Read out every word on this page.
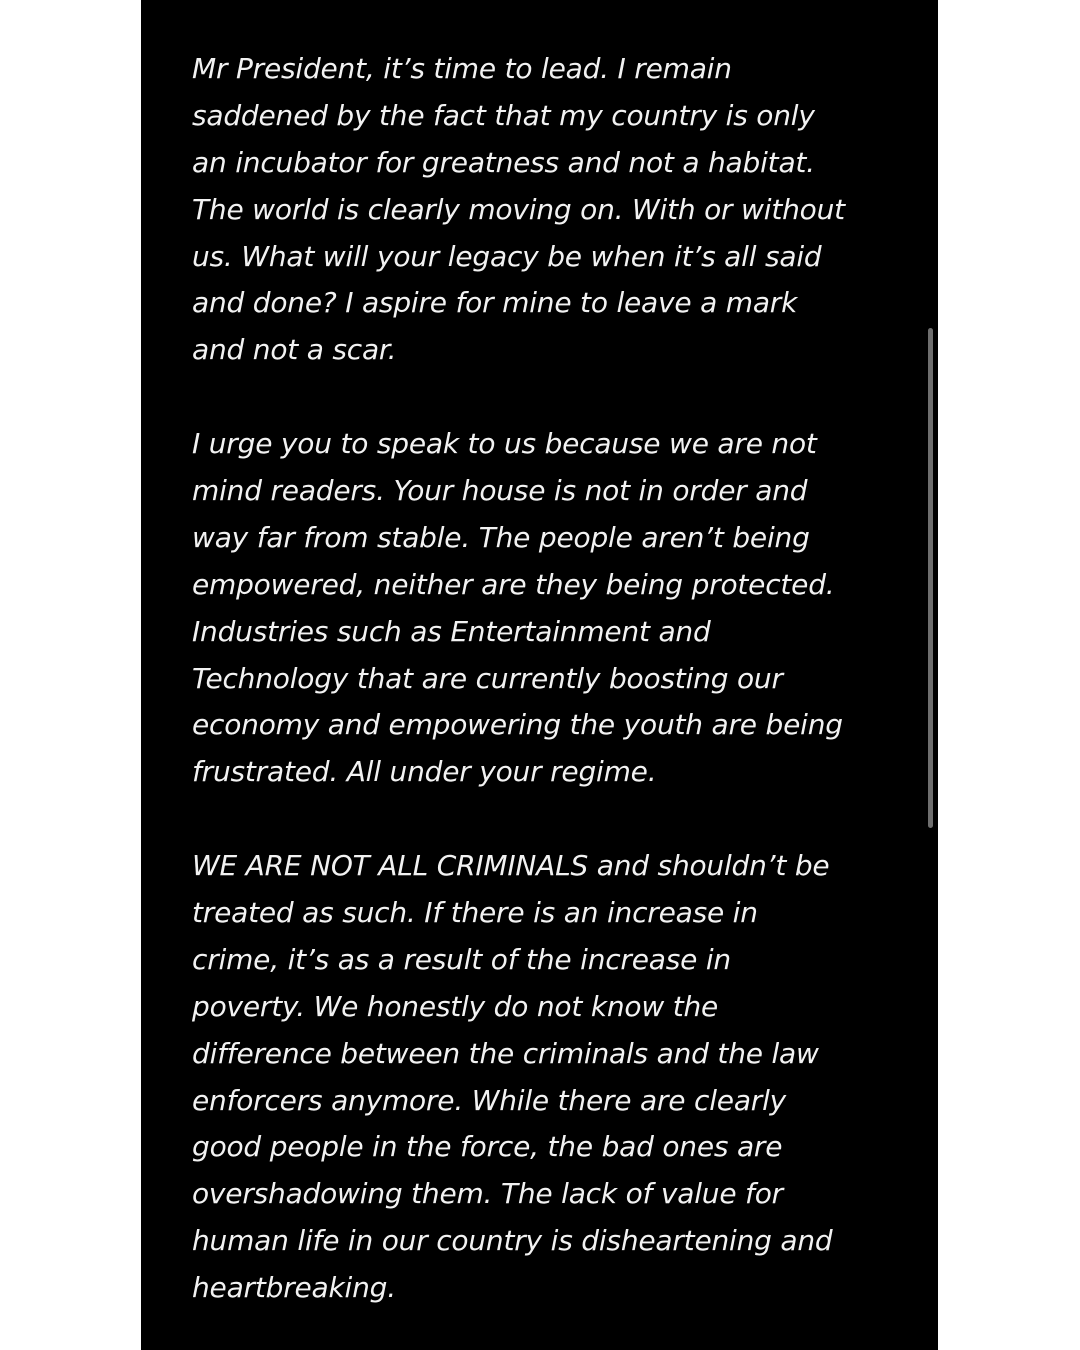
Mr President, it’s time to lead. I remain
saddened by the fact that my country is only
an incubator for greatness and not a habitat.
The world is clearly moving on. With or without
us. What will your legacy be when it’s all said
and done? I aspire for mine to leave a mark
and not a scar.
I urge you to speak to us because we are not
mind readers. Your house is not in order and
way far from stable. The people aren’t being
empowered, neither are they being protected.
Industries such as Entertainment and
Technology that are currently boosting our
economy and empowering the youth are being
frustrated. All under your regime.
WE ARE NOT ALL CRIMINALS and shouldn’t be
treated as such. If there is an increase in
crime, it’s as a result of the increase in
poverty. We honestly do not know the
difference between the criminals and the law
enforcers anymore. While there are clearly
good people in the force, the bad ones are
overshadowing them. The lack of value for
human life in our country is disheartening and
heartbreaking.
